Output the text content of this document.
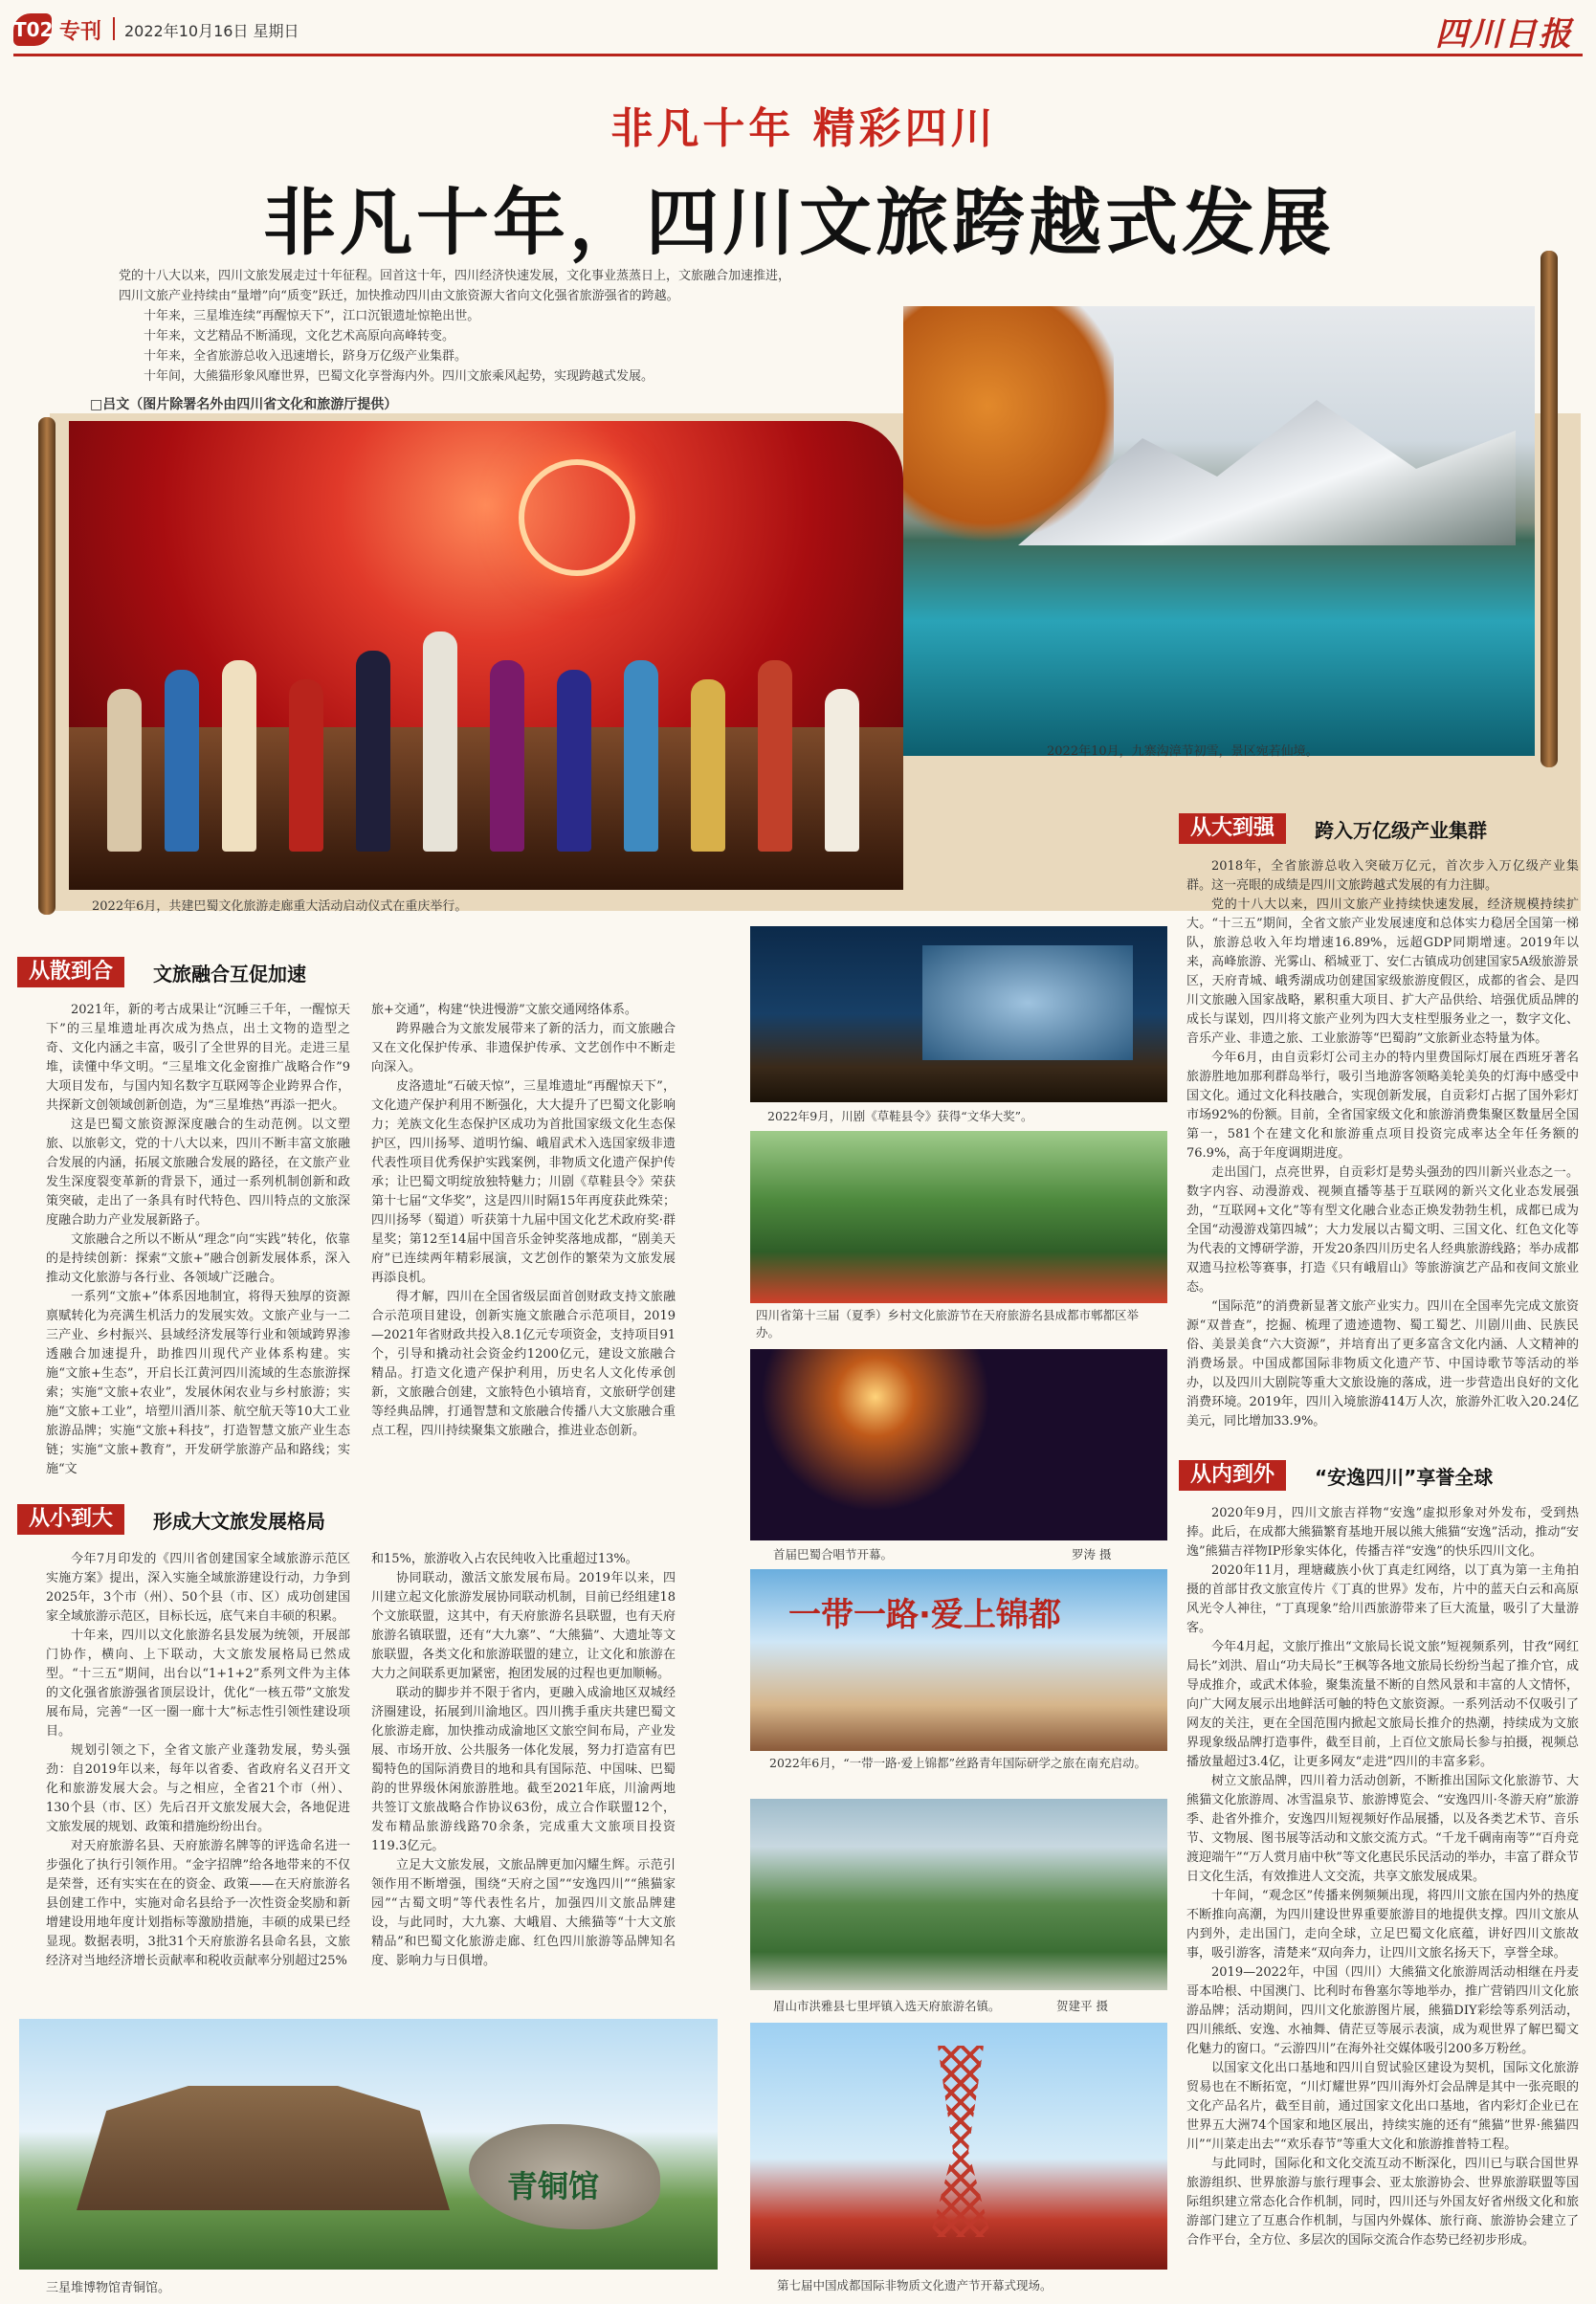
T02 专刊 2022年10月16日 星期日	四川日报
非凡十年 精彩四川
非凡十年，四川文旅跨越式发展

党的十八大以来，四川文旅发展走过十年征程。回首这十年，四川经济快速发展，文化事业蒸蒸日上，文旅融合加速推进，

四川文旅产业持续由“量增”向“质变”跃迁，加快推动四川由文旅资源大省向文化强省旅游强省的跨越。

十年来，三星堆连续“再醒惊天下”，江口沉银遗址惊艳出世。

十年来，文艺精品不断涌现，文化艺术高原向高峰转变。

十年来，全省旅游总收入迅速增长，跻身万亿级产业集群。

十年间，大熊猫形象风靡世界，巴蜀文化享誉海内外。四川文旅乘风起势，实现跨越式发展。

□吕文（图片除署名外由四川省文化和旅游厅提供）
2022年10月，九寨沟漳节初雪，景区宛若仙境。
2022年6月，共建巴蜀文化旅游走廊重大活动启动仪式在重庆举行。
从散到合	文旅融合互促加速

2021年，新的考古成果让“沉睡三千年，一醒惊天下”的三星堆遗址再次成为热点，出土文物的造型之奇、文化内涵之丰富，吸引了全世界的目光。走进三星堆，读懂中华文明。“三星堆文化金窗推广战略合作”9大项目发布，与国内知名数字互联网等企业跨界合作，共探新文创领域创新创造，为“三星堆热”再添一把火。

这是巴蜀文旅资源深度融合的生动范例。以文塑旅、以旅彰文，党的十八大以来，四川不断丰富文旅融合发展的内涵，拓展文旅融合发展的路径，在文旅产业发生深度裂变革新的背景下，通过一系列机制创新和政策突破，走出了一条具有时代特色、四川特点的文旅深度融合助力产业发展新路子。

文旅融合之所以不断从“理念”向“实践”转化，依靠的是持续创新：探索“文旅+”融合创新发展体系，深入推动文化旅游与各行业、各领域广泛融合。

一系列“文旅+”体系因地制宜，将得天独厚的资源禀赋转化为亮满生机活力的发展实效。文旅产业与一二三产业、乡村振兴、县域经济发展等行业和领域跨界渗透融合加速提升，助推四川现代产业体系构建。实施“文旅+生态”，开启长江黄河四川流域的生态旅游探索；实施“文旅+农业”，发展休闲农业与乡村旅游；实施“文旅+工业”，培塑川酒川茶、航空航天等10大工业旅游品牌；实施“文旅+科技”，打造智慧文旅产业生态链；实施“文旅+教育”，开发研学旅游产品和路线；实施“文

旅+交通”，构建“快进慢游”文旅交通网络体系。

跨界融合为文旅发展带来了新的活力，而文旅融合又在文化保护传承、非遗保护传承、文艺创作中不断走向深入。

皮洛遗址“石破天惊”，三星堆遗址“再醒惊天下”，文化遗产保护利用不断强化，大大提升了巴蜀文化影响力；羌族文化生态保护区成功为首批国家级文化生态保护区，四川扬琴、道明竹编、峨眉武术入选国家级非遗代表性项目优秀保护实践案例，非物质文化遗产保护传承；让巴蜀文明绽放独特魅力；川剧《草鞋县令》荣获第十七届“文华奖”，这是四川时隔15年再度获此殊荣；四川扬琴（蜀道）听获第十九届中国文化艺术政府奖·群星奖；第12至14届中国音乐金钟奖落地成都，“剧美天府”已连续两年精彩展演，文艺创作的繁荣为文旅发展再添良机。

得才解，四川在全国省级层面首创财政支持文旅融合示范项目建设，创新实施文旅融合示范项目，2019—2021年省财政共投入8.1亿元专项资金，支持项目91个，引导和撬动社会资金约1200亿元，建设文旅融合精品。打造文化遗产保护利用，历史名人文化传承创新，文旅融合创建，文旅特色小镇培育，文旅研学创建等经典品牌，打通智慧和文旅融合传播八大文旅融合重点工程，四川持续聚集文旅融合，推进业态创新。

从小到大	形成大文旅发展格局

今年7月印发的《四川省创建国家全域旅游示范区实施方案》提出，深入实施全域旅游建设行动，力争到2025年，3个市（州）、50个县（市、区）成功创建国家全域旅游示范区，目标长远，底气来自丰硕的积累。

十年来，四川以文化旅游名县发展为统领，开展部门协作，横向、上下联动，大文旅发展格局已然成型。“十三五”期间，出台以“1+1+2”系列文件为主体的文化强省旅游强省顶层设计，优化“一核五带”文旅发展布局，完善“一区一圈一廊十大”标志性引领性建设项目。

规划引领之下，全省文旅产业蓬勃发展，势头强劲：自2019年以来，每年以省委、省政府名义召开文化和旅游发展大会。与之相应，全省21个市（州）、130个县（市、区）先后召开文旅发展大会，各地促进文旅发展的规划、政策和措施纷纷出台。

对天府旅游名县、天府旅游名牌等的评选命名进一步强化了执行引领作用。“金字招牌”给各地带来的不仅是荣誉，还有实实在在的资金、政策——在天府旅游名县创建工作中，实施对命名县给予一次性资金奖励和新增建设用地年度计划指标等激励措施，丰硕的成果已经显现。数据表明，3批31个天府旅游名县命名县，文旅经济对当地经济增长贡献率和税收贡献率分别超过25%

和15%，旅游收入占农民纯收入比重超过13%。

协同联动，激活文旅发展布局。2019年以来，四川建立起文化旅游发展协同联动机制，目前已经组建18个文旅联盟，这其中，有天府旅游名县联盟，也有天府旅游名镇联盟，还有“大九寨”、“大熊猫”、大遗址等文旅联盟，各类文化和旅游联盟的建立，让文化和旅游在大力之间联系更加紧密，抱团发展的过程也更加顺畅。

联动的脚步并不限于省内，更融入成渝地区双城经济圈建设，拓展到川渝地区。四川携手重庆共建巴蜀文化旅游走廊，加快推动成渝地区文旅空间布局，产业发展、市场开放、公共服务一体化发展，努力打造富有巴蜀特色的国际消费目的地和具有国际范、中国味、巴蜀韵的世界级休闲旅游胜地。截至2021年底，川渝两地共签订文旅战略合作协议63份，成立合作联盟12个，发布精品旅游线路70余条，完成重大文旅项目投资119.3亿元。

立足大文旅发展，文旅品牌更加闪耀生辉。示范引领作用不断增强，围绕“天府之国”“安逸四川”“熊猫家园”“古蜀文明”等代表性名片，加强四川文旅品牌建设，与此同时，大九寨、大峨眉、大熊猫等“十大文旅精品”和巴蜀文化旅游走廊、红色四川旅游等品牌知名度、影响力与日俱增。

青铜馆
三星堆博物馆青铜馆。
2022年9月，川剧《草鞋县令》获得“文华大奖”。
四川省第十三届（夏季）乡村文化旅游节在天府旅游名县成都市郫都区举办。
首届巴蜀合唱节开幕。	罗涛 摄
一带一路·爱上锦都
2022年6月，“一带一路·爱上锦都”丝路青年国际研学之旅在南充启动。
眉山市洪雅县七里坪镇入选天府旅游名镇。	贺建平 摄
第七届中国成都国际非物质文化遗产节开幕式现场。
从大到强	跨入万亿级产业集群

2018年，全省旅游总收入突破万亿元，首次步入万亿级产业集群。这一亮眼的成绩是四川文旅跨越式发展的有力注脚。

党的十八大以来，四川文旅产业持续快速发展，经济规模持续扩大。“十三五”期间，全省文旅产业发展速度和总体实力稳居全国第一梯队，旅游总收入年均增速16.89%，远超GDP同期增速。2019年以来，高峰旅游、光雾山、稻城亚丁、安仁古镇成功创建国家5A级旅游景区，天府青城、峨秀湖成功创建国家级旅游度假区，成都的省会、是四川文旅融入国家战略，累积重大项目、扩大产品供给、培强优质品牌的成长与谋划，四川将文旅产业列为四大支柱型服务业之一，数字文化、音乐产业、非遗之旅、工业旅游等“巴蜀韵”文旅新业态特量为体。

今年6月，由自贡彩灯公司主办的特内里费国际灯展在西班牙著名旅游胜地加那利群岛举行，吸引当地游客领略美轮美奂的灯海中感受中国文化。通过文化科技融合，实现创新发展，自贡彩灯占据了国外彩灯市场92%的份额。目前，全省国家级文化和旅游消费集聚区数量居全国第一，581个在建文化和旅游重点项目投资完成率达全年任务额的76.9%，高于年度调期进度。

走出国门，点亮世界，自贡彩灯是势头强劲的四川新兴业态之一。数字内容、动漫游戏、视频直播等基于互联网的新兴文化业态发展强劲，“互联网+文化”等有型文化融合业态正焕发勃勃生机，成都已成为全国“动漫游戏第四城”；大力发展以古蜀文明、三国文化、红色文化等为代表的文博研学游，开发20条四川历史名人经典旅游线路；举办成都双遗马拉松等赛事，打造《只有峨眉山》等旅游演艺产品和夜间文旅业态。

“国际范”的消费新显著文旅产业实力。四川在全国率先完成文旅资源“双普查”，挖掘、梳理了遗迹遗物、蜀工蜀艺、川剧川曲、民族民俗、美景美食“六大资源”，并培育出了更多富含文化内涵、人文精神的消费场景。中国成都国际非物质文化遗产节、中国诗歌节等活动的举办，以及四川大剧院等重大文旅设施的落成，进一步营造出良好的文化消费环境。2019年，四川入境旅游414万人次，旅游外汇收入20.24亿美元，同比增加33.9%。

从内到外	“安逸四川”享誉全球

2020年9月，四川文旅吉祥物“安逸”虚拟形象对外发布，受到热捧。此后，在成都大熊猫繁育基地开展以熊大熊猫“安逸”活动，推动“安逸”熊猫吉祥物IP形象实体化，传播吉祥“安逸”的快乐四川文化。

2020年11月，理塘藏族小伙丁真走红网络，以丁真为第一主角拍摄的首部甘孜文旅宣传片《丁真的世界》发布，片中的蓝天白云和高原风光令人神往，“丁真现象”给川西旅游带来了巨大流量，吸引了大量游客。

今年4月起，文旅厅推出“文旅局长说文旅”短视频系列，甘孜“网红局长”刘洪、眉山“功夫局长”王枫等各地文旅局长纷纷当起了推介官，成导成推介，或武术体验，聚集流量不断的自然风景和丰富的人文情怀，向广大网友展示出地鲜活可触的特色文旅资源。一系列活动不仅吸引了网友的关注，更在全国范围内掀起文旅局长推介的热潮，持续成为文旅界现象级品牌打造事件，截至目前，上百位文旅局长参与拍摄，视频总播放量超过3.4亿，让更多网友“走进”四川的丰富多彩。

树立文旅品牌，四川着力活动创新，不断推出国际文化旅游节、大熊猫文化旅游周、冰雪温泉节、旅游博览会、“安逸四川·冬游天府”旅游季、赴省外推介，安逸四川短视频好作品展播，以及各类艺术节、音乐节、文物展、图书展等活动和文旅交流方式。“千龙千碉南南等”“百舟竞渡迎端午”“万人赏月庙中秋”等文化惠民乐民活动的举办，丰富了群众节日文化生活，有效推进人文交流，共享文旅发展成果。

十年间，“观念区”传播来例频频出现，将四川文旅在国内外的热度不断推向高潮，为四川建设世界重要旅游目的地提供支撑。四川文旅从内到外，走出国门，走向全球，立足巴蜀文化底蕴，讲好四川文旅故事，吸引游客，清楚来“双向奔力，让四川文旅名扬天下，享誉全球。

2019—2022年，中国（四川）大熊猫文化旅游周活动相继在丹麦哥本哈根、中国澳门、比利时布鲁塞尔等地举办，推广营销四川文化旅游品牌；活动期间，四川文化旅游图片展，熊猫DIY彩绘等系列活动，四川熊纸、安逸、水袖舞、倩茫豆等展示表演，成为观世界了解巴蜀文化魅力的窗口。“云游四川”在海外社交媒体吸引200多万粉丝。

以国家文化出口基地和四川自贸试验区建设为契机，国际文化旅游贸易也在不断拓宽，“川灯耀世界”四川海外灯会品牌是其中一张亮眼的文化产品名片，截至目前，通过国家文化出口基地，省内彩灯企业已在世界五大洲74个国家和地区展出，持续实施的还有“熊猫”世界·熊猫四川”“川菜走出去”“欢乐春节”等重大文化和旅游推普特工程。

与此同时，国际化和文化交流互动不断深化，四川已与联合国世界旅游组织、世界旅游与旅行理事会、亚太旅游协会、世界旅游联盟等国际组织建立常态化合作机制，同时，四川还与外国友好省州级文化和旅游部门建立了互惠合作机制，与国内外媒体、旅行商、旅游协会建立了合作平台，全方位、多层次的国际交流合作态势已经初步形成。
